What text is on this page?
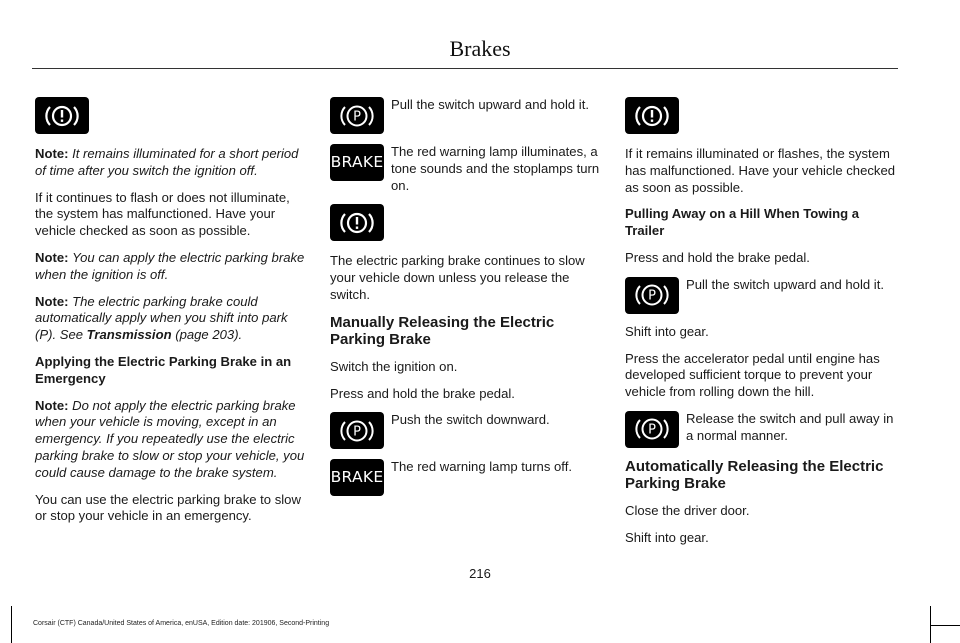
Brakes

Note: It remains illuminated for a short period of time after you switch the ignition off.

If it continues to flash or does not illuminate, the system has malfunctioned. Have your vehicle checked as soon as possible.

Note: You can apply the electric parking brake when the ignition is off.

Note: The electric parking brake could automatically apply when you shift into park (P). See Transmission (page 203).

Applying the Electric Parking Brake in an Emergency

Note: Do not apply the electric parking brake when your vehicle is moving, except in an emergency. If you repeatedly use the electric parking brake to slow or stop your vehicle, you could cause damage to the brake system.

You can use the electric parking brake to slow or stop your vehicle in an emergency.

P
Pull the switch upward and hold it.
BRAKE
The red warning lamp illuminates, a tone sounds and the stoplamps turn on.

The electric parking brake continues to slow your vehicle down unless you release the switch.

Manually Releasing the Electric Parking Brake

Switch the ignition on.

Press and hold the brake pedal.

P
Push the switch downward.
BRAKE
The red warning lamp turns off.

If it remains illuminated or flashes, the system has malfunctioned. Have your vehicle checked as soon as possible.

Pulling Away on a Hill When Towing a Trailer

Press and hold the brake pedal.

P
Pull the switch upward and hold it.

Shift into gear.

Press the accelerator pedal until engine has developed sufficient torque to prevent your vehicle from rolling down the hill.

P
Release the switch and pull away in a normal manner.
Automatically Releasing the Electric Parking Brake

Close the driver door.

Shift into gear.

216
Corsair (CTF) Canada/United States of America, enUSA, Edition date: 201906, Second-Printing
